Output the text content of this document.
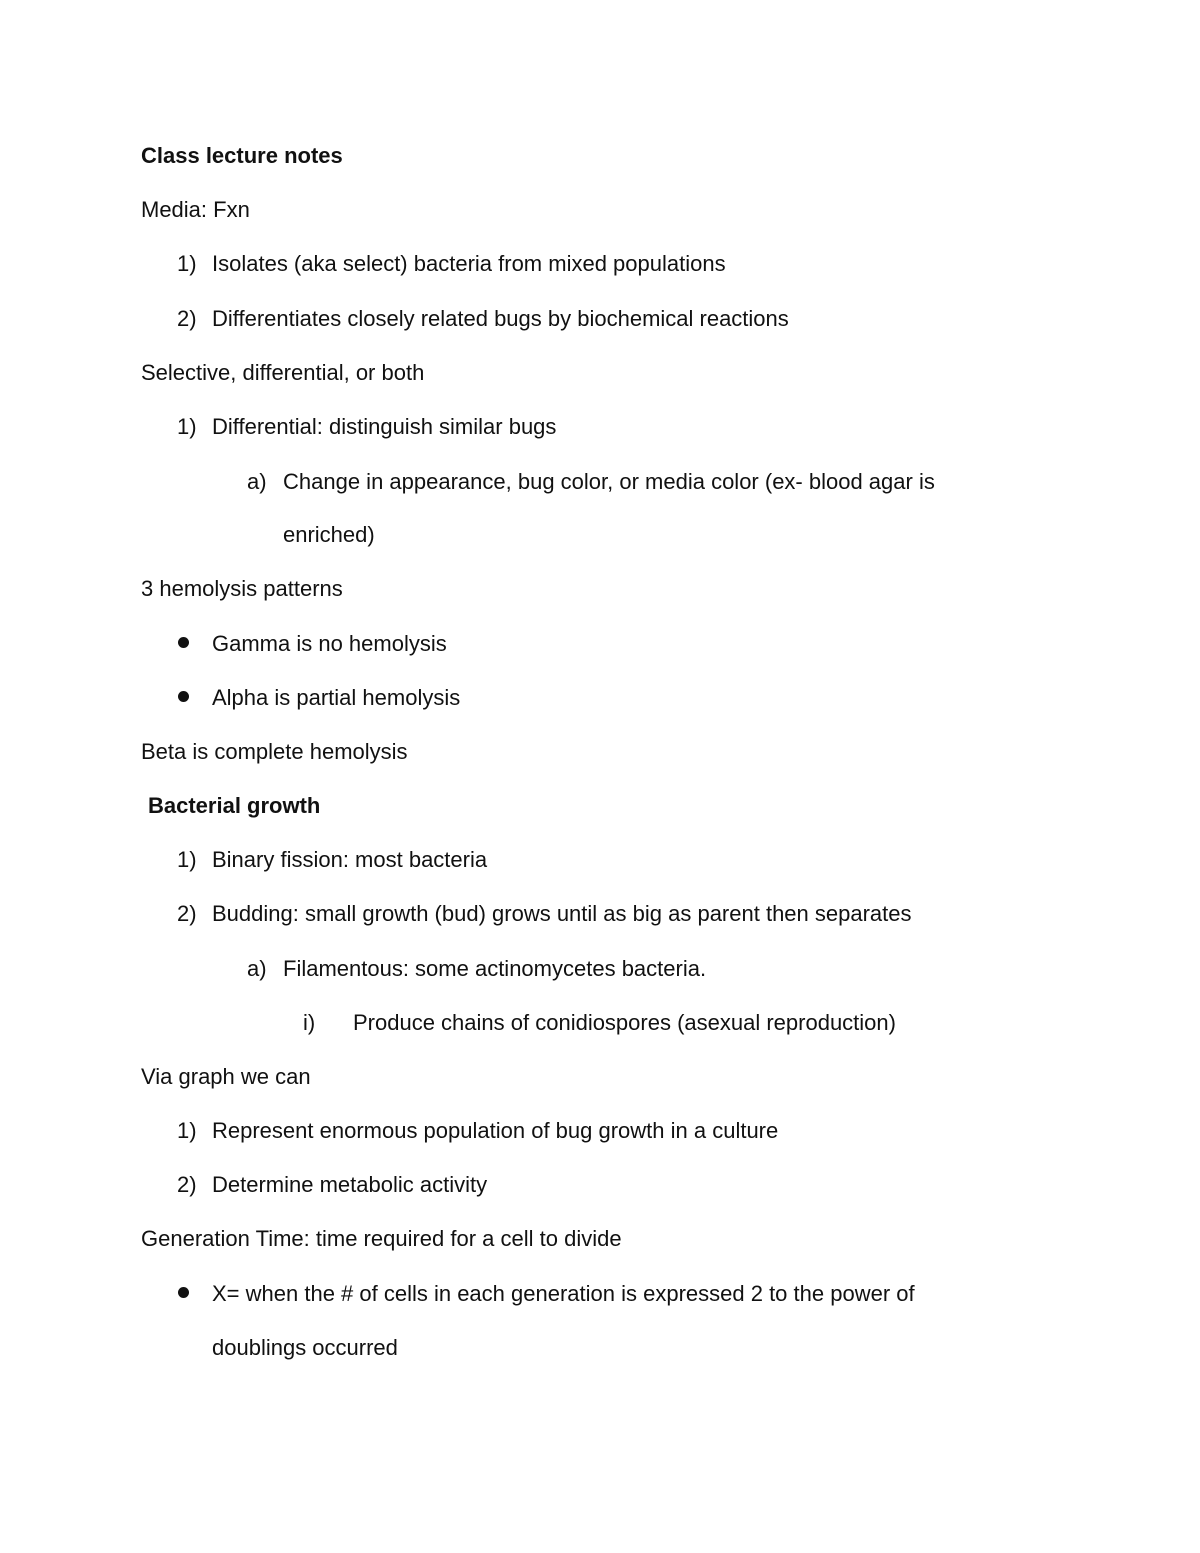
Class lecture notes
Media: Fxn
1) Isolates (aka select) bacteria from mixed populations
2) Differentiates closely related bugs by biochemical reactions
Selective, differential, or both
1) Differential: distinguish similar bugs
a) Change in appearance, bug color, or media color (ex- blood agar is
enriched)
3 hemolysis patterns
Gamma is no hemolysis
Alpha is partial hemolysis
Beta is complete hemolysis
Bacterial growth
1) Binary fission: most bacteria
2) Budding: small growth (bud) grows until as big as parent then separates
a) Filamentous: some actinomycetes bacteria.
i) Produce chains of conidiospores (asexual reproduction)
Via graph we can
1) Represent enormous population of bug growth in a culture
2) Determine metabolic activity
Generation Time: time required for a cell to divide
X= when the # of cells in each generation is expressed 2 to the power of
doublings occurred
